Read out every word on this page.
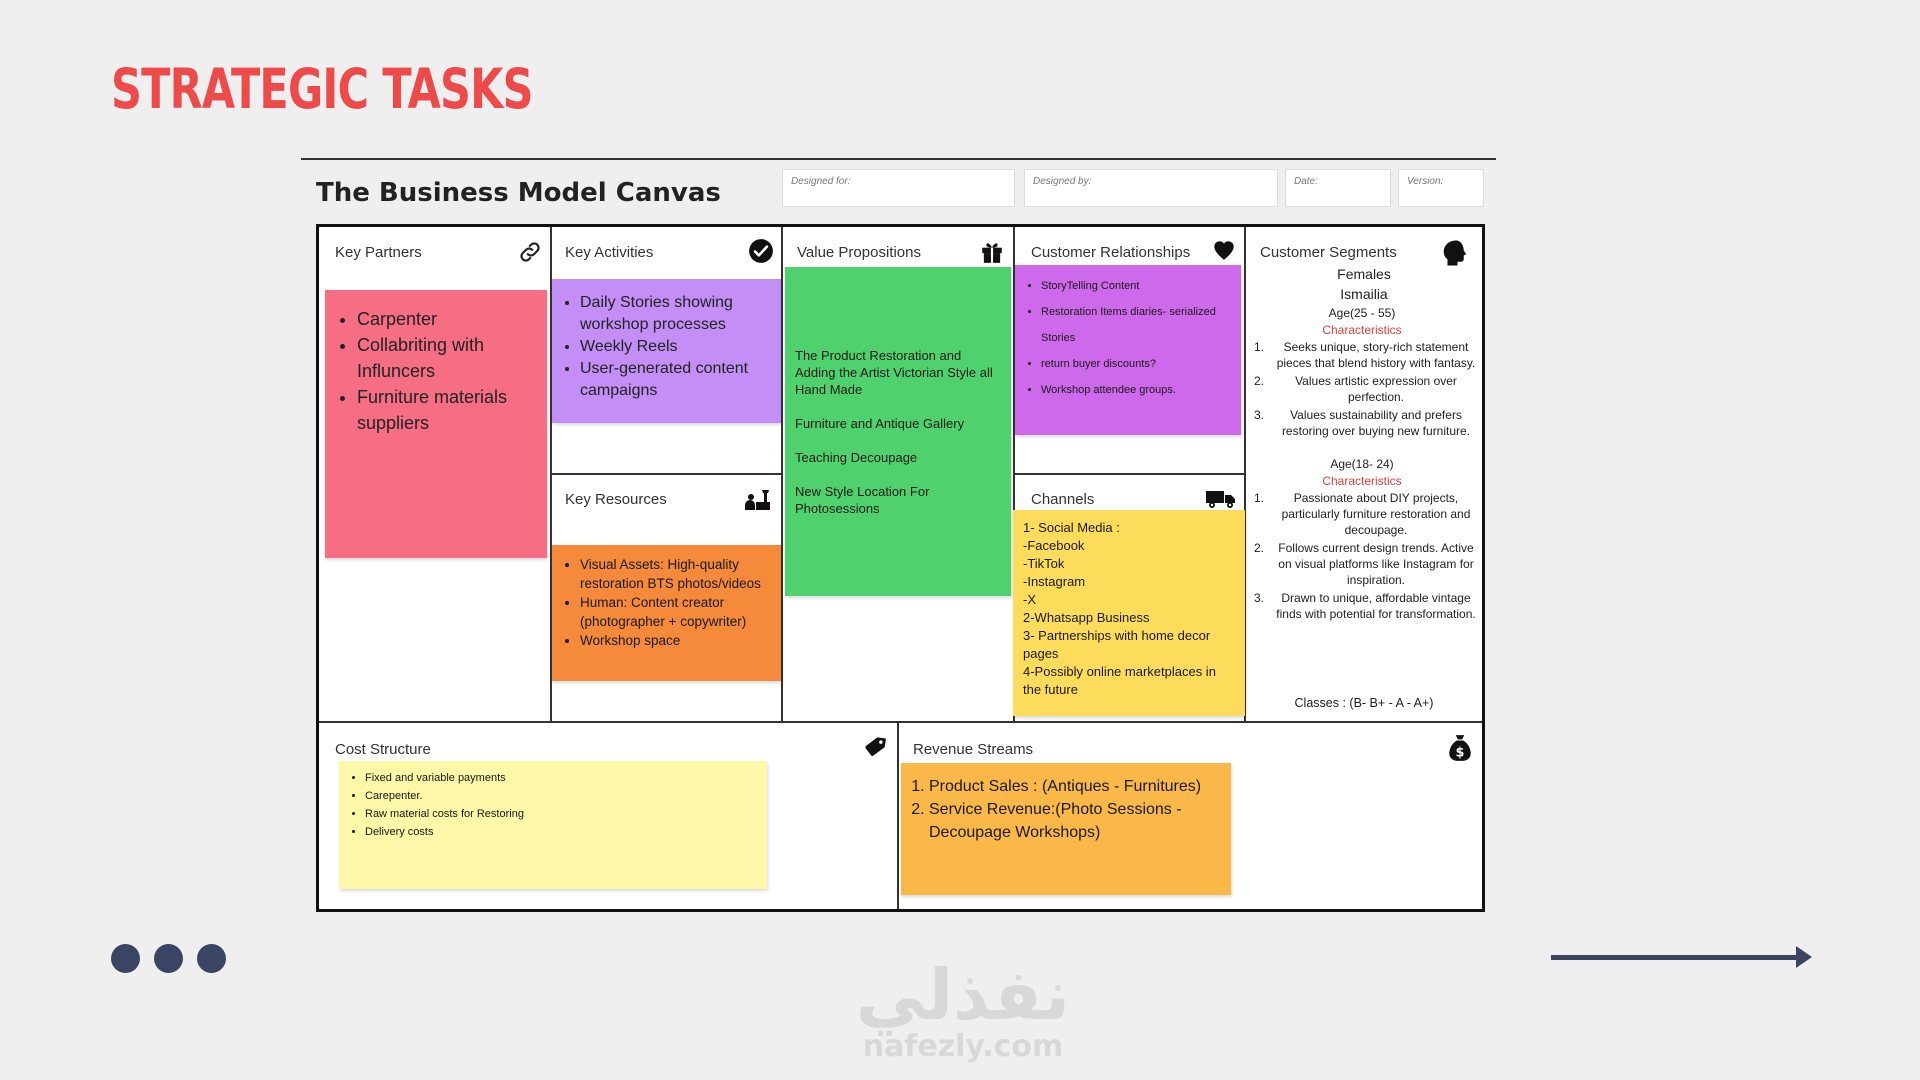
STRATEGIC TASKS
The Business Model Canvas	Designed for:	Designed by:	Date:	Version:
Key Partners
• Carpenter
• Collabriting with Influncers
• Furniture materials suppliers
Key Activities
• Daily Stories showing workshop processes
• Weekly Reels
• User-generated content campaigns
Key Resources
• Visual Assets: High-quality restoration BTS photos/videos
• Human: Content creator (photographer + copywriter)
• Workshop space
Value Propositions

The Product Restoration and Adding the Artist Victorian Style all Hand Made

Furniture and Antique Gallery

Teaching Decoupage

New Style Location For Photosessions

Customer Relationships
• StoryTelling Content
• Restoration Items diaries- serialized Stories
• return buyer discounts?
• Workshop attendee groups.
Channels
1- Social Media :
-Facebook
-TikTok
-Instagram
-X
2-Whatsapp Business
3- Partnerships with home decor pages
4-Possibly online marketplaces in the future
Customer Segments
Females
Ismailia
Age(25 - 55)
Characteristics
1. Seeks unique, story-rich statement pieces that blend history with fantasy.
2.	Values artistic expression over perfection.
3. Values sustainability and prefers restoring over buying new furniture.
Age(18- 24)
Characteristics
1. Passionate about DIY projects, particularly furniture restoration and decoupage.
2. Follows current design trends. Active on visual platforms like Instagram for inspiration.
3. Drawn to unique, affordable vintage finds with potential for transformation.
Classes : (B- B+ - A - A+)
Cost Structure
• Fixed and variable payments
• Carepenter.
• Raw material costs for Restoring
• Delivery costs
Revenue Streams	$
1. Product Sales : (Antiques - Furnitures)
2. Service Revenue:(Photo Sessions - Decoupage Workshops)
نفذلي
nafezly.com
